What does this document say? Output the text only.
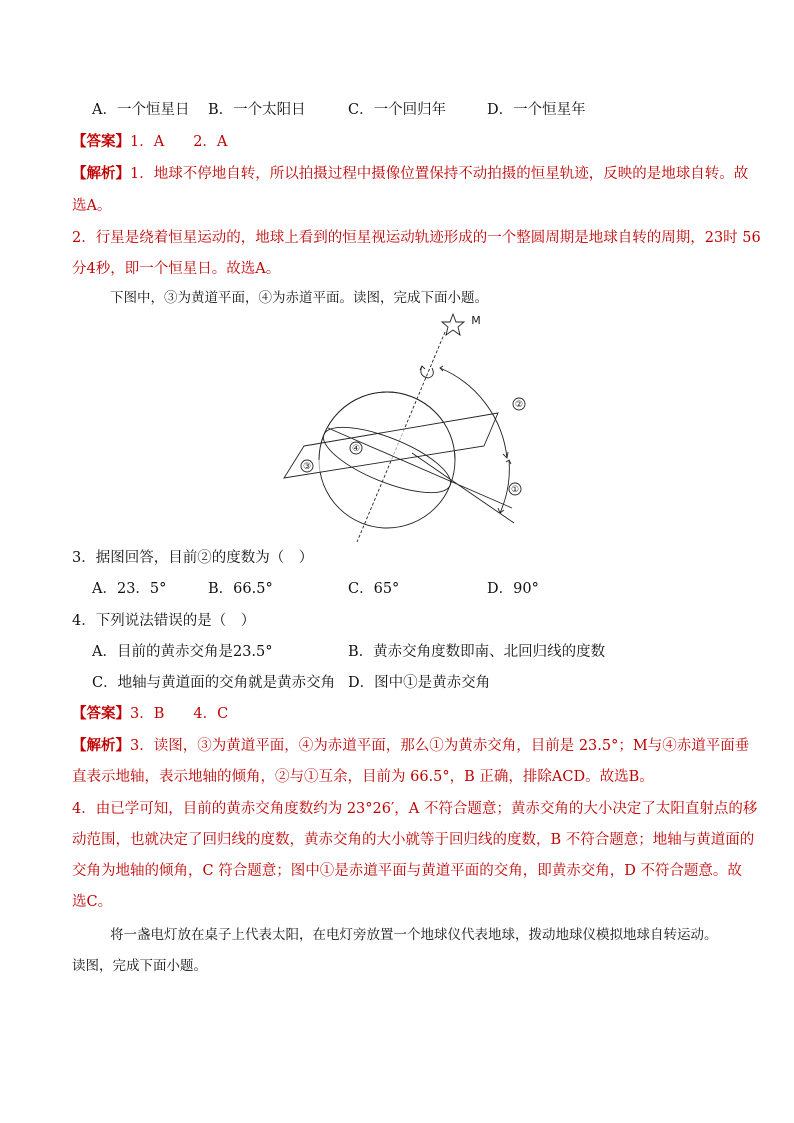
A．一个恒星日 B．一个太阳日	C．一个回归年	D．一个恒星年
【答案】1．A　　2．A
【解析】1．地球不停地自转，所以拍摄过程中摄像位置保持不动拍摄的恒星轨迹，反映的是地球自转。故
选A。
2．行星是绕着恒星运动的，地球上看到的恒星视运动轨迹形成的一个整圆周期是地球自转的周期，23时 56
分4秒，即一个恒星日。故选A。
下图中，③为黄道平面，④为赤道平面。读图，完成下面小题。
M
②
①
③
④
3．据图回答，目前②的度数为（　）
A．23．5°	B．66.5°	C．65°	D．90°
4．下列说法错误的是（　）
A．目前的黄赤交角是23.5°	B．黄赤交角度数即南、北回归线的度数
C．地轴与黄道面的交角就是黄赤交角 D．图中①是黄赤交角
【答案】3．B　　4．C
【解析】3．读图，③为黄道平面，④为赤道平面，那么①为黄赤交角，目前是 23.5°；M与④赤道平面垂
直表示地轴，表示地轴的倾角，②与①互余，目前为 66.5°，B 正确，排除ACD。故选B。
4．由已学可知，目前的黄赤交角度数约为 23°26′，A 不符合题意；黄赤交角的大小决定了太阳直射点的移
动范围，也就决定了回归线的度数，黄赤交角的大小就等于回归线的度数，B 不符合题意；地轴与黄道面的
交角为地轴的倾角，C 符合题意；图中①是赤道平面与黄道平面的交角，即黄赤交角，D 不符合题意。故
选C。
将一盏电灯放在桌子上代表太阳，在电灯旁放置一个地球仪代表地球，拨动地球仪模拟地球自转运动。
读图，完成下面小题。
